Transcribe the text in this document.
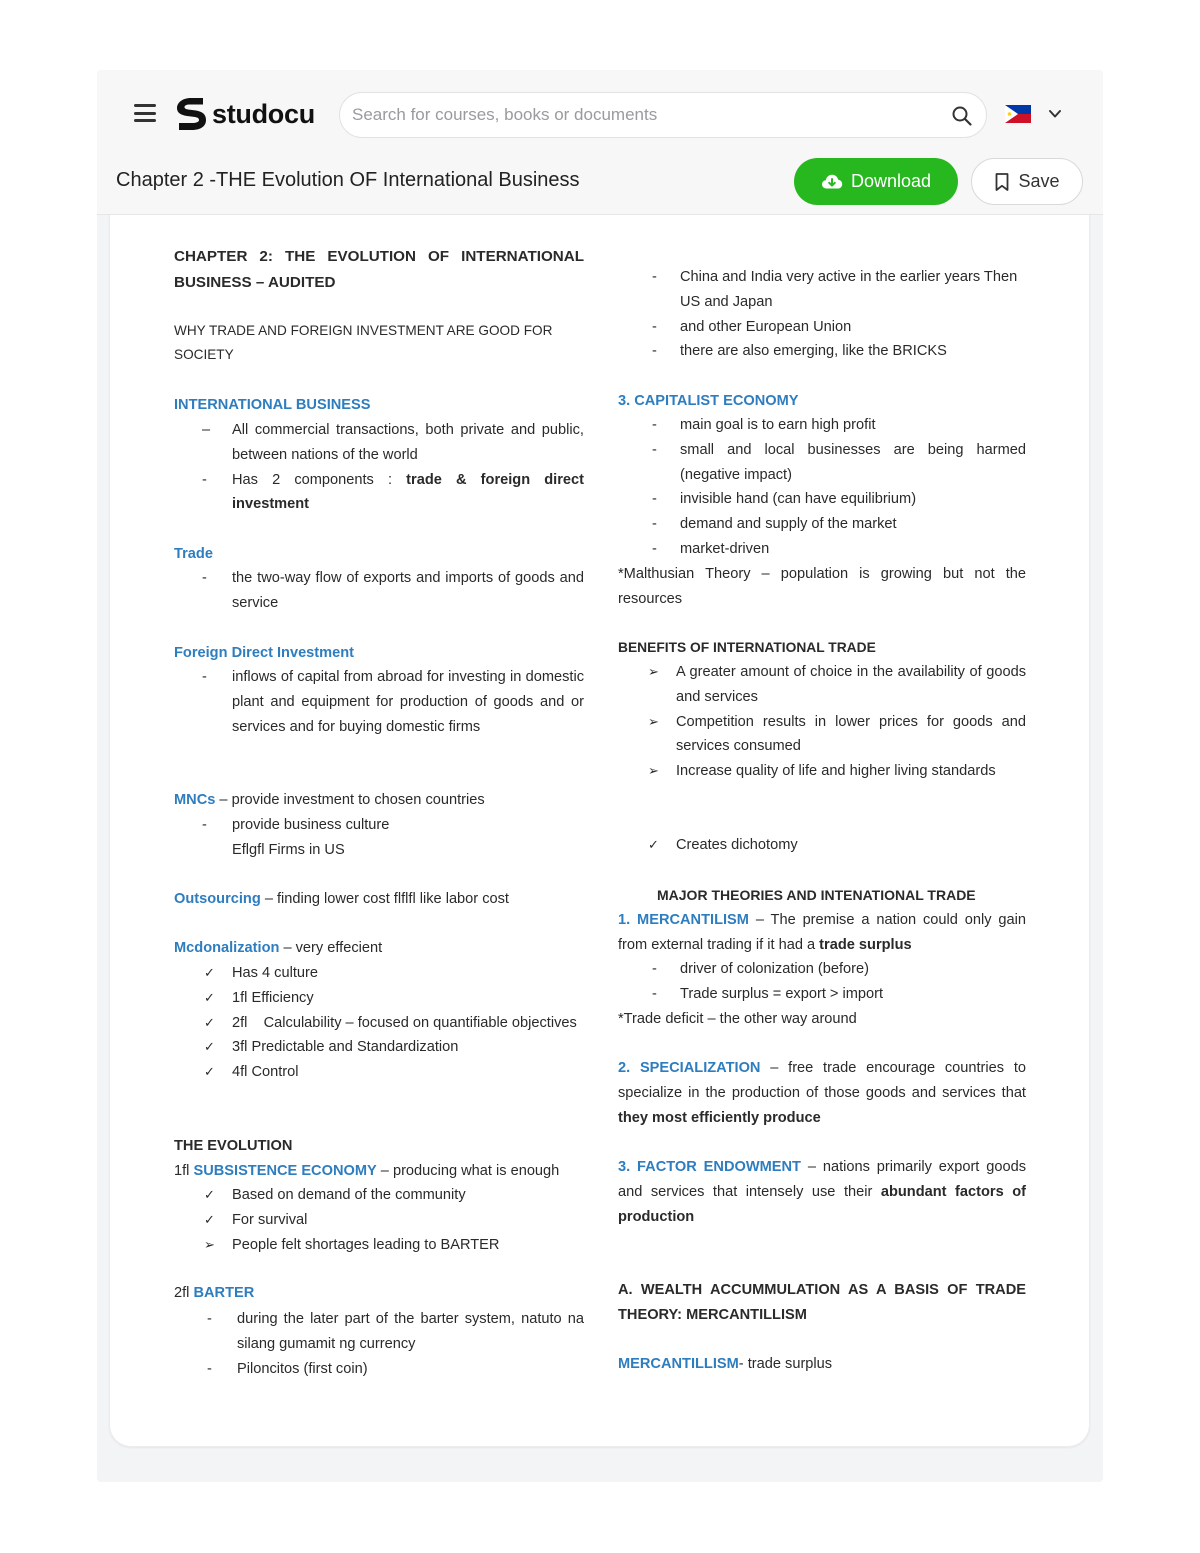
studocu
Search for courses, books or documents
Chapter 2 -THE Evolution OF International Business	Download	Save
CHAPTER 2: THE EVOLUTION OF INTERNATIONAL
BUSINESS – AUDITED
WHY TRADE AND FOREIGN INVESTMENT ARE GOOD FOR
SOCIETY
INTERNATIONAL BUSINESS
– All commercial transactions, both private and public, between nations of the world
- Has 2 components : trade & foreign direct investment
Trade
- the two-way flow of exports and imports of goods and service
Foreign Direct Investment
- inflows of capital from abroad for investing in domestic plant and equipment for production of goods and or services and for buying domestic firms
MNCs – provide investment to chosen countries
- provide business culture
Eflgfl Firms in US
Outsourcing – finding lower cost flflfl like labor cost
Mcdonalization – very effecient
✓ Has 4 culture
✓ 1fl Efficiency
✓ 2fl    Calculability – focused on quantifiable objectives
✓ 3fl Predictable and Standardization
✓ 4fl Control
THE EVOLUTION
1fl SUBSISTENCE ECONOMY – producing what is enough
✓ Based on demand of the community
✓ For survival
➢ People felt shortages leading to BARTER
2fl BARTER
- during the later part of the barter system, natuto na silang gumamit ng currency
- Piloncitos (first coin)
- China and India very active in the earlier years Then US and Japan
- and other European Union
- there are also emerging, like the BRICKS
3. CAPITALIST ECONOMY
- main goal is to earn high profit
- small and local businesses are being harmed (negative impact)
- invisible hand (can have equilibrium)
- demand and supply of the market
- market-driven
*Malthusian Theory – population is growing but not the resources
BENEFITS OF INTERNATIONAL TRADE
➢ A greater amount of choice in the availability of goods and services
➢ Competition results in lower prices for goods and services consumed
➢ Increase quality of life and higher living standards
✓ Creates dichotomy
MAJOR THEORIES AND INTENATIONAL TRADE
1. MERCANTILISM – The premise a nation could only gain from external trading if it had a trade surplus
- driver of colonization (before)
- Trade surplus = export > import
*Trade deficit – the other way around
2. SPECIALIZATION – free trade encourage countries to specialize in the production of those goods and services that they most efficiently produce
3. FACTOR ENDOWMENT – nations primarily export goods and services that intensely use their abundant factors of production
A. WEALTH ACCUMMULATION AS A BASIS OF TRADE THEORY: MERCANTILLISM
MERCANTILLISM- trade surplus
